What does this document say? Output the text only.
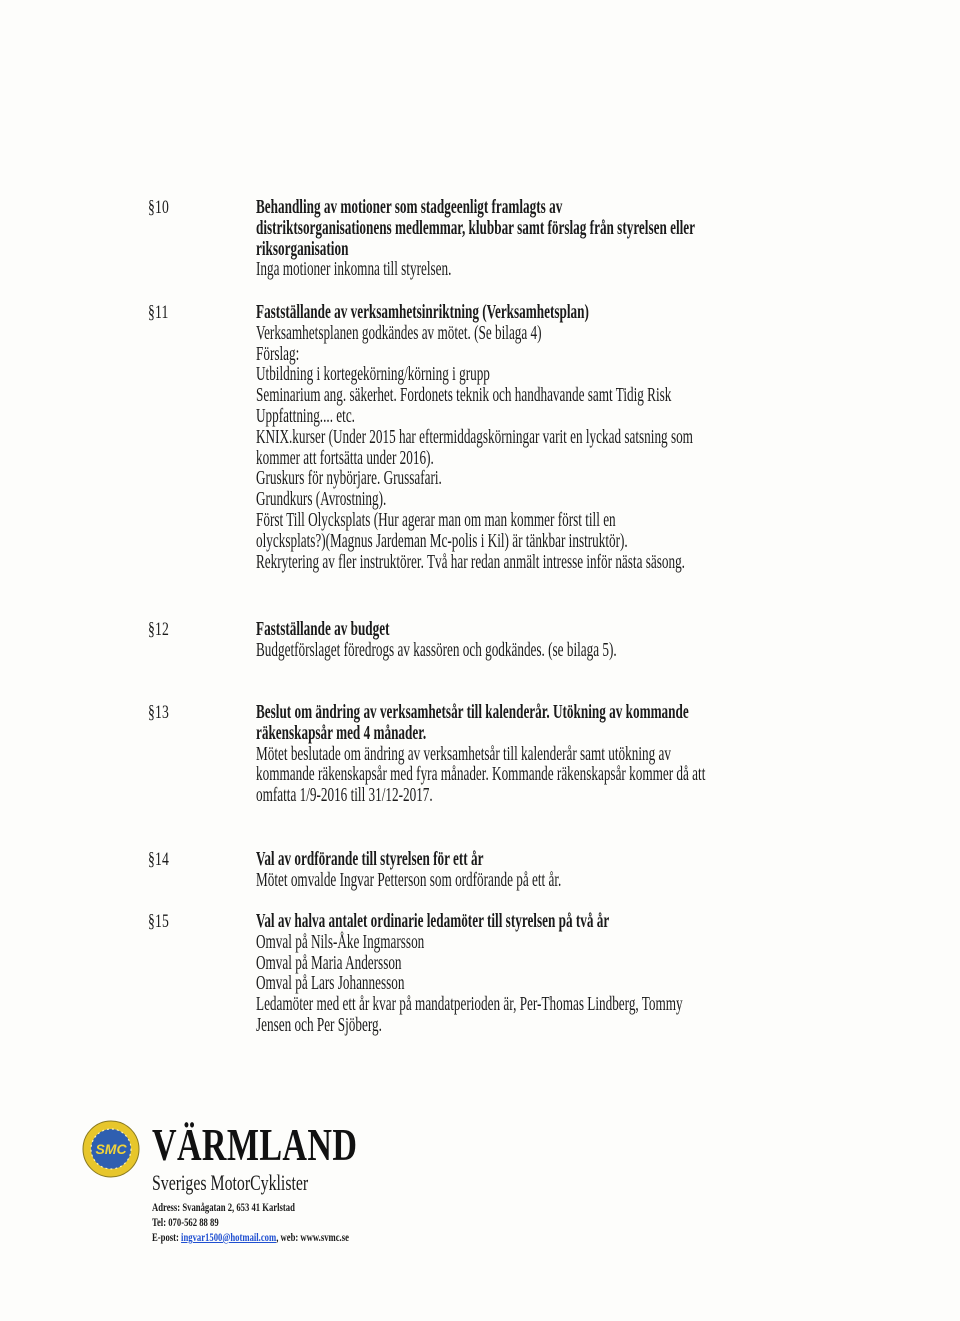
§10	Behandling av motioner som stadgeenligt framlagts av
distriktsorganisationens medlemmar, klubbar samt förslag från styrelsen eller
riksorganisation
Inga motioner inkomna till styrelsen.
§11	Fastställande av verksamhetsinriktning (Verksamhetsplan)
Verksamhetsplanen godkändes av mötet. (Se bilaga 4)
Förslag:
Utbildning i kortegekörning/körning i grupp
Seminarium ang. säkerhet. Fordonets teknik och handhavande samt Tidig Risk
Uppfattning.... etc.
KNIX.kurser (Under 2015 har eftermiddagskörningar varit en lyckad satsning som
kommer att fortsätta under 2016).
Gruskurs för nybörjare. Grussafari.
Grundkurs (Avrostning).
Först Till Olycksplats (Hur agerar man om man kommer först till en
olycksplats?)(Magnus Jardeman Mc-polis i Kil) är tänkbar instruktör).
Rekrytering av fler instruktörer. Två har redan anmält intresse inför nästa säsong.
§12	Fastställande av budget
Budgetförslaget föredrogs av kassören och godkändes. (se bilaga 5).
§13	Beslut om ändring av verksamhetsår till kalenderår. Utökning av kommande
räkenskapsår med 4 månader.
Mötet beslutade om ändring av verksamhetsår till kalenderår samt utökning av
kommande räkenskapsår med fyra månader. Kommande räkenskapsår kommer då att
omfatta 1/9-2016 till 31/12-2017.
§14	Val av ordförande till styrelsen för ett år
Mötet omvalde Ingvar Petterson som ordförande på ett år.
§15	Val av halva antalet ordinarie ledamöter till styrelsen på två år
Omval på Nils-Åke Ingmarsson
Omval på Maria Andersson
Omval på Lars Johannesson
Ledamöter med ett år kvar på mandatperioden är, Per-Thomas Lindberg, Tommy
Jensen och Per Sjöberg.
SMC VÄRMLAND
Sveriges MotorCyklister
Adress: Svanågatan 2, 653 41 Karlstad
Tel: 070-562 88 89
E-post: ingvar1500@hotmail.com, web: www.svmc.se
